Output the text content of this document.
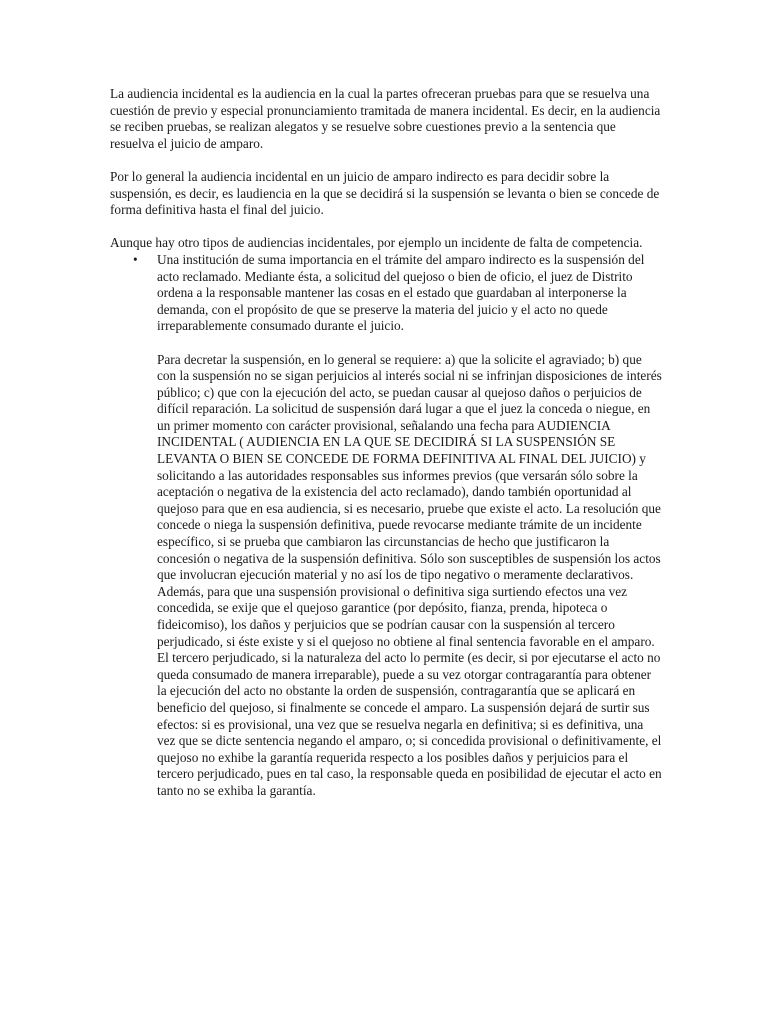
La audiencia incidental es la audiencia en la cual la partes ofreceran pruebas para que se resuelva una cuestión de previo y especial pronunciamiento tramitada de manera incidental. Es decir, en la audiencia se reciben pruebas, se realizan alegatos y se resuelve sobre cuestiones previo a la sentencia que resuelva el juicio de amparo.

Por lo general la audiencia incidental en un juicio de amparo indirecto es para decidir sobre la suspensión, es decir, es laudiencia en la que se decidirá si la suspensión se levanta o bien se concede de forma definitiva hasta el final del juicio.

Aunque hay otro tipos de audiencias incidentales, por ejemplo un incidente de falta de competencia.

• Una institución de suma importancia en el trámite del amparo indirecto es la suspensión del acto reclamado. Mediante ésta, a solicitud del quejoso o bien de oficio, el juez de Distrito ordena a la responsable mantener las cosas en el estado que guardaban al interponerse la demanda, con el propósito de que se preserve la materia del juicio y el acto no quede irreparablemente consumado durante el juicio.

Para decretar la suspensión, en lo general se requiere: a) que la solicite el agraviado; b) que con la suspensión no se sigan perjuicios al interés social ni se infrinjan disposiciones de interés público; c) que con la ejecución del acto, se puedan causar al quejoso daños o perjuicios de difícil reparación. La solicitud de suspensión dará lugar a que el juez la conceda o niegue, en un primer momento con carácter provisional, señalando una fecha para AUDIENCIA INCIDENTAL ( AUDIENCIA EN LA QUE SE DECIDIRÁ SI LA SUSPENSIÓN SE LEVANTA O BIEN SE CONCEDE DE FORMA DEFINITIVA AL FINAL DEL JUICIO) y solicitando a las autoridades responsables sus informes previos (que versarán sólo sobre la aceptación o negativa de la existencia del acto reclamado), dando también oportunidad al quejoso para que en esa audiencia, si es necesario, pruebe que existe el acto. La resolución que concede o niega la suspensión definitiva, puede revocarse mediante trámite de un incidente específico, si se prueba que cambiaron las circunstancias de hecho que justificaron la concesión o negativa de la suspensión definitiva. Sólo son susceptibles de suspensión los actos que involucran ejecución material y no así los de tipo negativo o meramente declarativos. Además, para que una suspensión provisional o definitiva siga surtiendo efectos una vez concedida, se exije que el quejoso garantice (por depósito, fianza, prenda, hipoteca o fideicomiso), los daños y perjuicios que se podrían causar con la suspensión al tercero perjudicado, si éste existe y si el quejoso no obtiene al final sentencia favorable en el amparo. El tercero perjudicado, si la naturaleza del acto lo permite (es decir, si por ejecutarse el acto no queda consumado de manera irreparable), puede a su vez otorgar contragarantía para obtener la ejecución del acto no obstante la orden de suspensión, contragarantía que se aplicará en beneficio del quejoso, si finalmente se concede el amparo. La suspensión dejará de surtir sus efectos: si es provisional, una vez que se resuelva negarla en definitiva; si es definitiva, una vez que se dicte sentencia negando el amparo, o; si concedida provisional o definitivamente, el quejoso no exhibe la garantía requerida respecto a los posibles daños y perjuicios para el tercero perjudicado, pues en tal caso, la responsable queda en posibilidad de ejecutar el acto en tanto no se exhiba la garantía.
